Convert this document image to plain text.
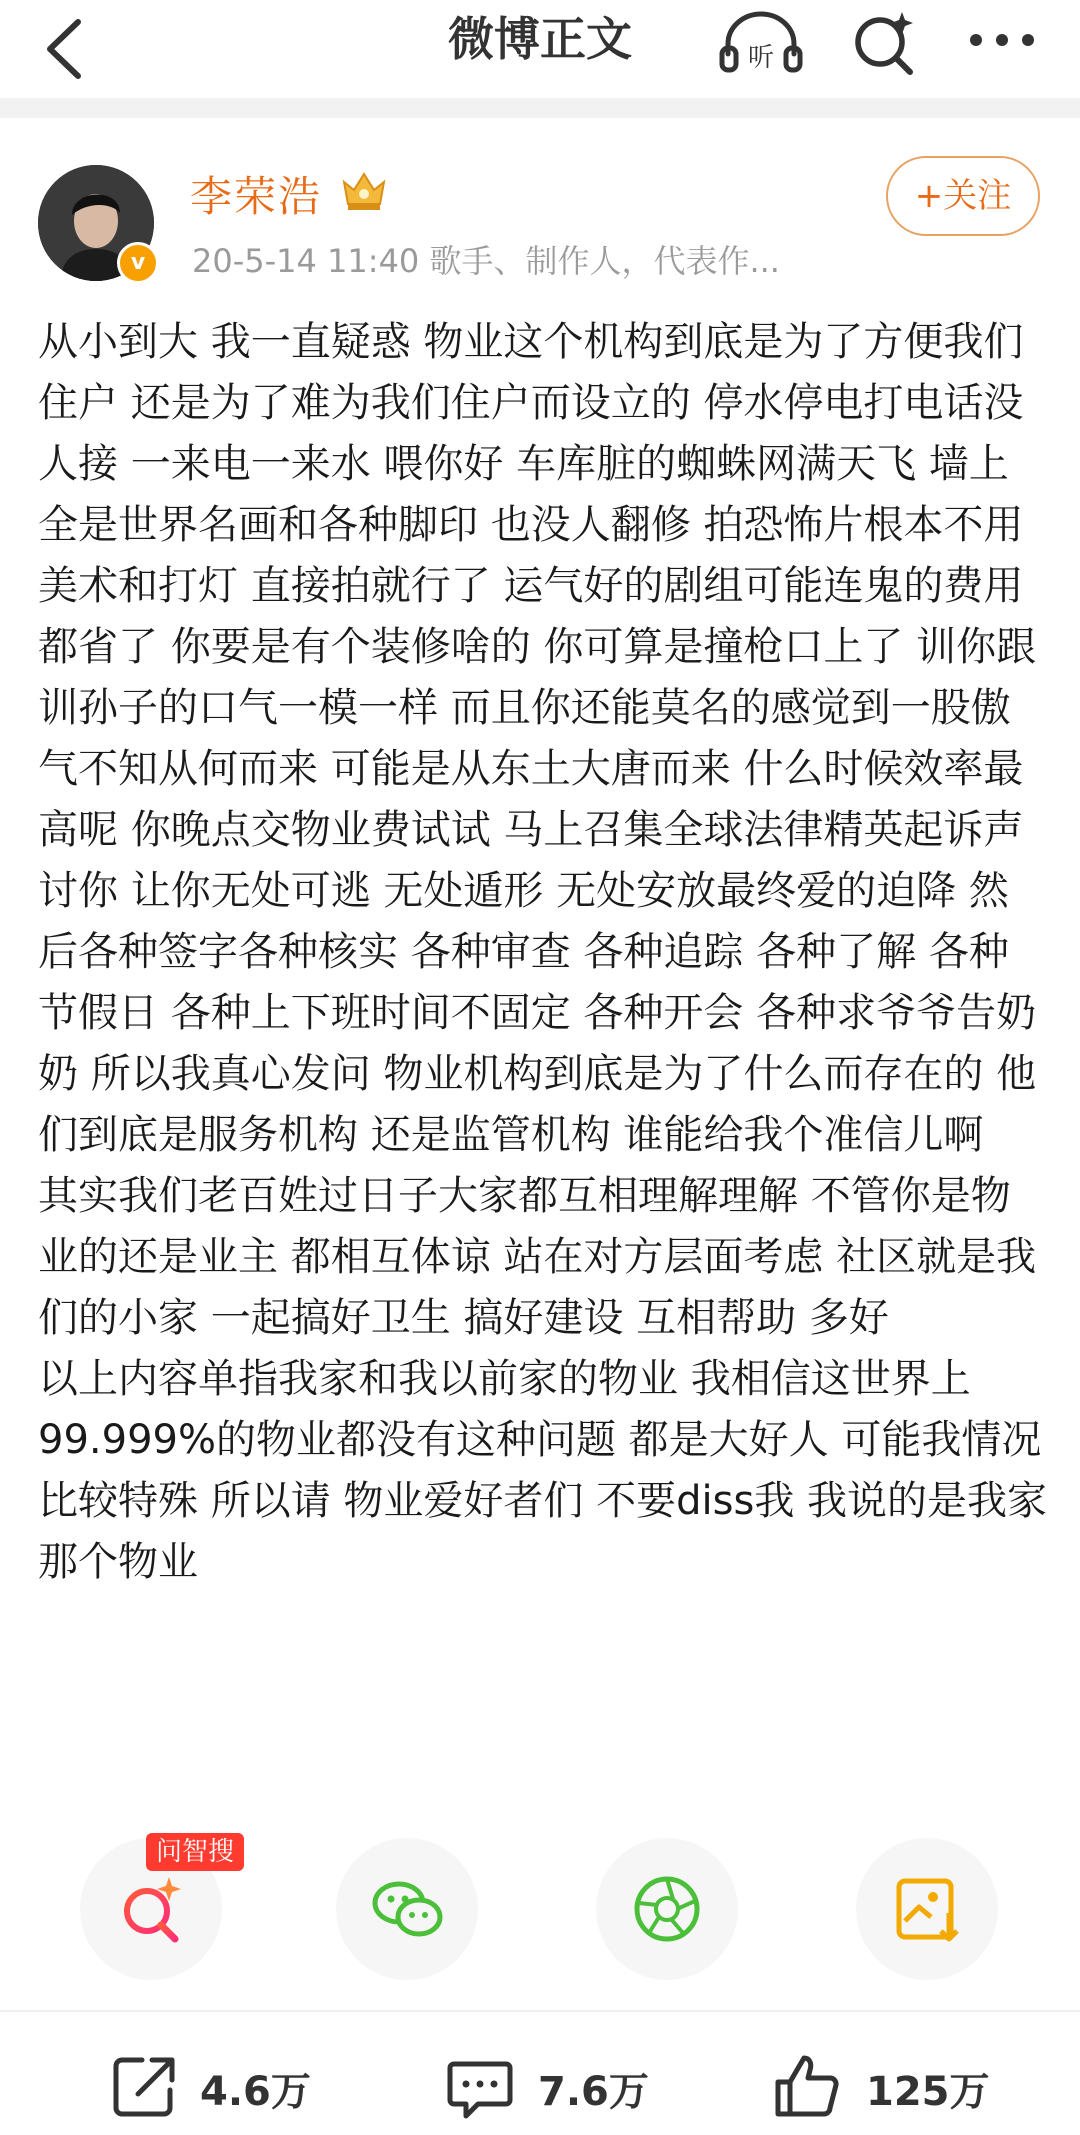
微博正文	听
v
李荣浩
20-5-14 11:40 歌手、制作人，代表作...
+关注

从小到大 我一直疑惑 物业这个机构到底是为了方便我们住户 还是为了难为我们住户而设立的 停水停电打电话没人接 一来电一来水 喂你好 车库脏的蜘蛛网满天飞 墙上全是世界名画和各种脚印 也没人翻修 拍恐怖片根本不用美术和打灯 直接拍就行了 运气好的剧组可能连鬼的费用都省了 你要是有个装修啥的 你可算是撞枪口上了 训你跟训孙子的口气一模一样 而且你还能莫名的感觉到一股傲气不知从何而来 可能是从东土大唐而来 什么时候效率最高呢 你晚点交物业费试试 马上召集全球法律精英起诉声讨你 让你无处可逃 无处遁形 无处安放最终爱的迫降 然后各种签字各种核实 各种审查 各种追踪 各种了解 各种节假日 各种上下班时间不固定 各种开会 各种求爷爷告奶奶 所以我真心发问 物业机构到底是为了什么而存在的 他们到底是服务机构 还是监管机构 谁能给我个准信儿啊

其实我们老百姓过日子大家都互相理解理解 不管你是物业的还是业主 都相互体谅 站在对方层面考虑 社区就是我们的小家 一起搞好卫生 搞好建设 互相帮助 多好

以上内容单指我家和我以前家的物业 我相信这世界上99.999%的物业都没有这种问题 都是大好人 可能我情况比较特殊 所以请 物业爱好者们 不要diss我 我说的是我家那个物业

问智搜
4.6万	7.6万	125万
